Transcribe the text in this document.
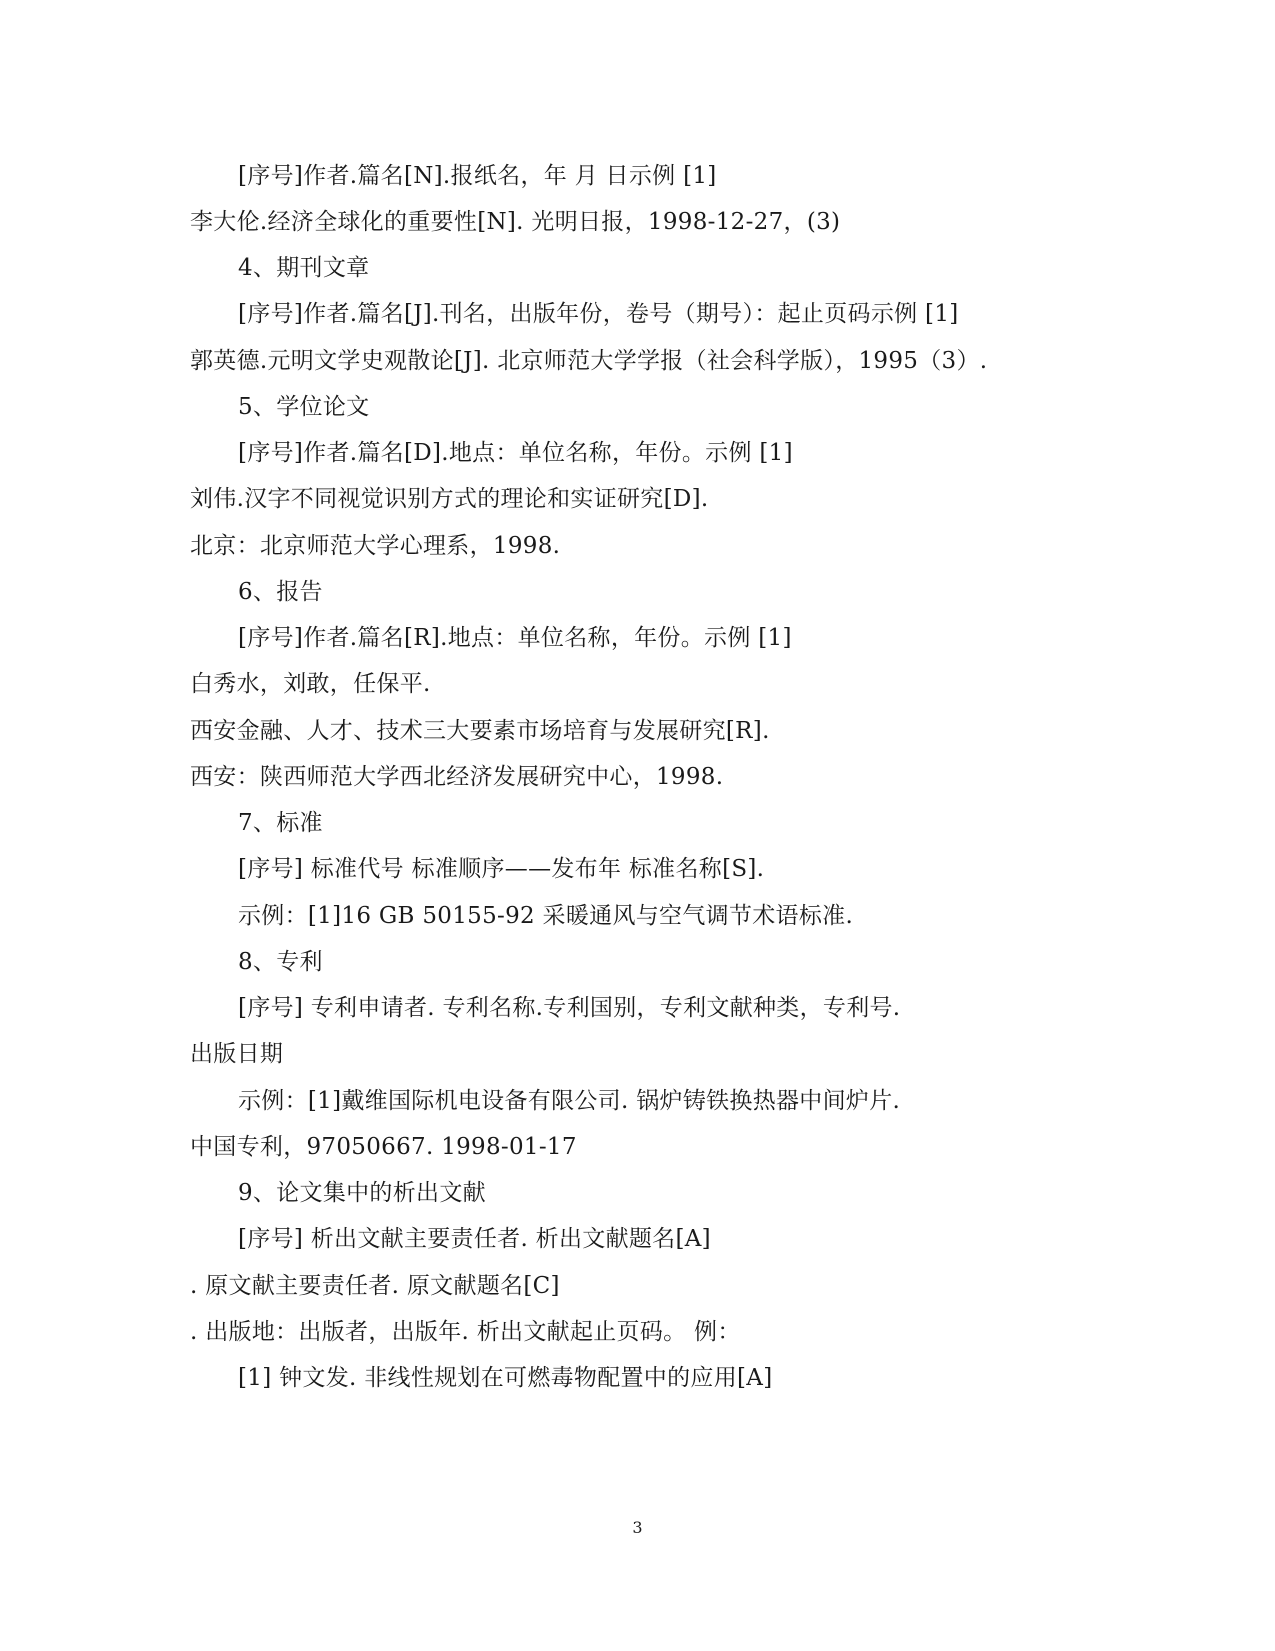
[序号]作者.篇名[N].报纸名，年 月 日示例 [1]
李大伦.经济全球化的重要性[N]. 光明日报，1998-12-27，(3)
4、期刊文章
[序号]作者.篇名[J].刊名，出版年份，卷号（期号）：起止页码示例 [1]
郭英德.元明文学史观散论[J]. 北京师范大学学报（社会科学版），1995（3）.
5、学位论文
[序号]作者.篇名[D].地点：单位名称，年份。示例 [1]
刘伟.汉字不同视觉识别方式的理论和实证研究[D].
北京：北京师范大学心理系，1998.
6、报告
[序号]作者.篇名[R].地点：单位名称，年份。示例 [1]
白秀水，刘敢，任保平.
西安金融、人才、技术三大要素市场培育与发展研究[R].
西安：陕西师范大学西北经济发展研究中心，1998.
7、标准
[序号] 标准代号 标准顺序——发布年 标准名称[S].
示例：[1]16 GB 50155-92 采暖通风与空气调节术语标准.
8、专利
[序号] 专利申请者. 专利名称.专利国别，专利文献种类，专利号.
出版日期
示例：[1]戴维国际机电设备有限公司. 锅炉铸铁换热器中间炉片.
中国专利，97050667. 1998-01-17
9、论文集中的析出文献
[序号] 析出文献主要责任者. 析出文献题名[A]
. 原文献主要责任者. 原文献题名[C]
. 出版地：出版者，出版年. 析出文献起止页码。 例：
[1] 钟文发. 非线性规划在可燃毒物配置中的应用[A]
3
